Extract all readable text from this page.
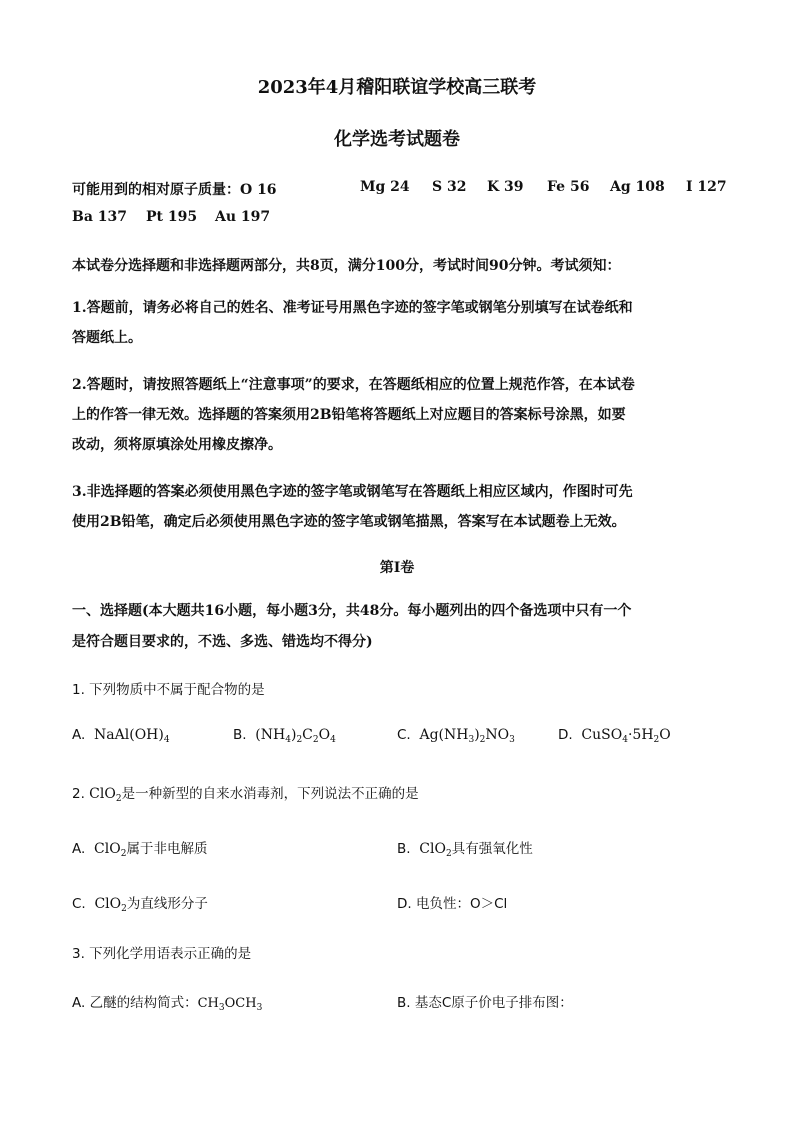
2023年4月稽阳联谊学校高三联考
化学选考试题卷
可能用到的相对原子质量：O 16	Mg 24 S 32 K 39 Fe 56 Ag 108 I 127
Ba 137 Pt 195 Au 197
本试卷分选择题和非选择题两部分，共8页，满分100分，考试时间90分钟。考试须知：
1.答题前，请务必将自己的姓名、准考证号用黑色字迹的签字笔或钢笔分别填写在试卷纸和
答题纸上。
2.答题时，请按照答题纸上“注意事项”的要求，在答题纸相应的位置上规范作答，在本试卷
上的作答一律无效。选择题的答案须用2B铅笔将答题纸上对应题目的答案标号涂黑，如要
改动，须将原填涂处用橡皮擦净。
3.非选择题的答案必须使用黑色字迹的签字笔或钢笔写在答题纸上相应区域内，作图时可先
使用2B铅笔，确定后必须使用黑色字迹的签字笔或钢笔描黑，答案写在本试题卷上无效。
第I卷
一、选择题(本大题共16小题，每小题3分，共48分。每小题列出的四个备选项中只有一个
是符合题目要求的，不选、多选、错选均不得分)
1. 下列物质中不属于配合物的是
A.  $NaAl(OH)_4$	B.  $(NH_4)_2C_2O_4$	C.  $Ag(NH_3)_2NO_3$	D.  $CuSO_4\cdot 5H_2O$
2. ClO$_2$是一种新型的自来水消毒剂，下列说法不正确的是
A.  ClO$_2$属于非电解质	B.  ClO$_2$具有强氧化性
C.  ClO$_2$为直线形分子	D. 电负性：O＞Cl
3. 下列化学用语表示正确的是
A. 乙醚的结构简式：$CH_3OCH_3$	B. 基态C原子价电子排布图：
